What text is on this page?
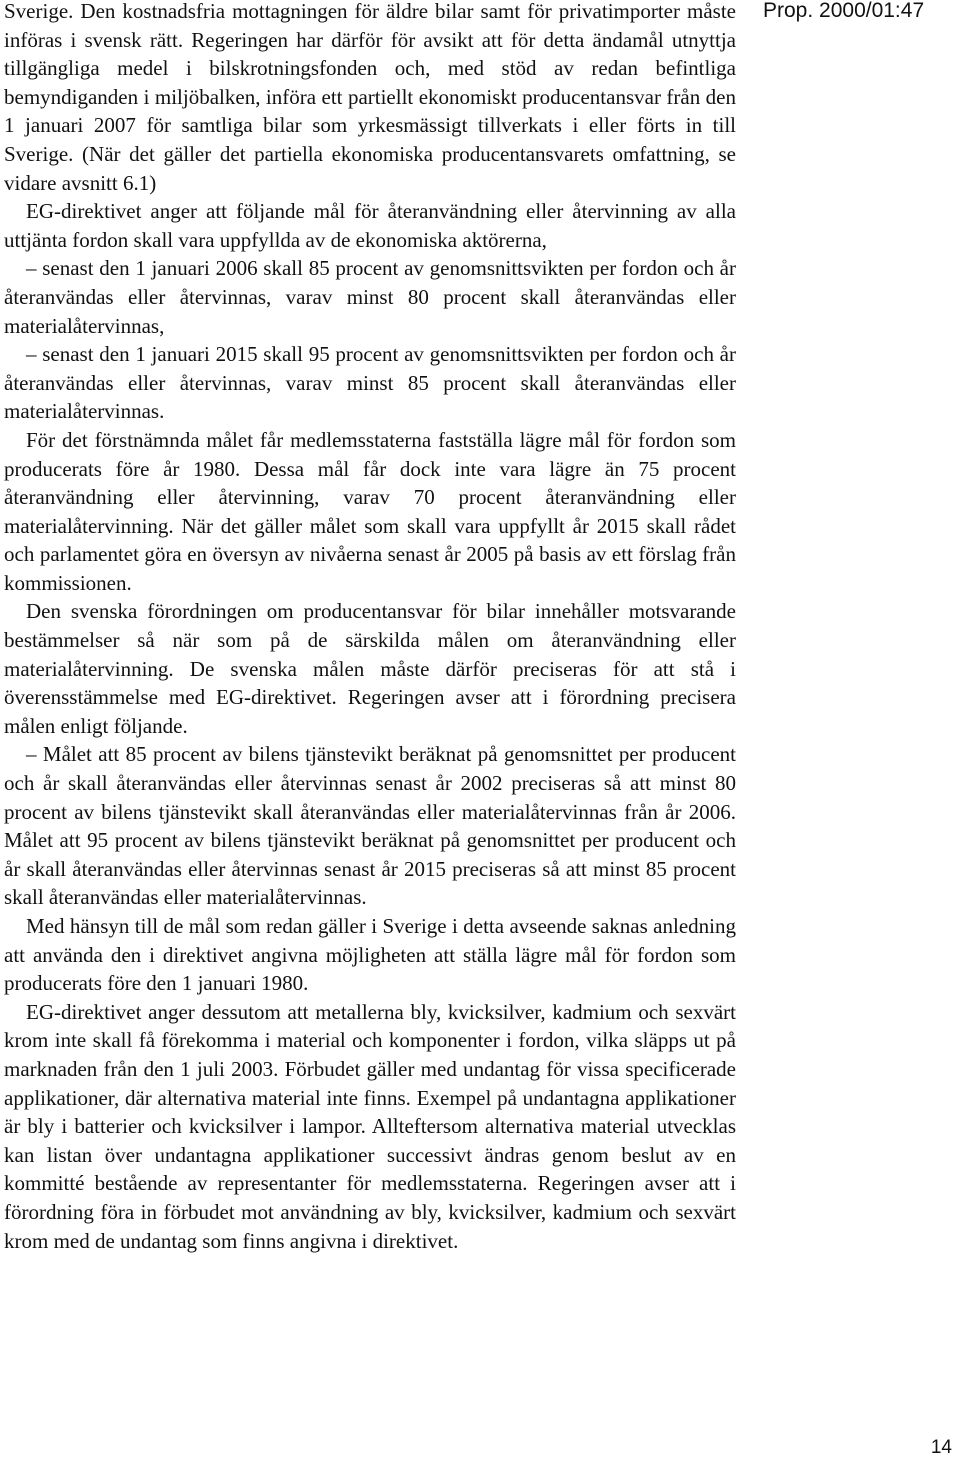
Sverige. Den kostnadsfria mottagningen för äldre bilar samt för privatimporter måste införas i svensk rätt. Regeringen har därför för avsikt att för detta ändamål utnyttja tillgängliga medel i bilskrotningsfonden och, med stöd av redan befintliga bemyndiganden i miljöbalken, införa ett partiellt ekonomiskt producentansvar från den 1 januari 2007 för samtliga bilar som yrkesmässigt tillverkats i eller förts in till Sverige. (När det gäller det partiella ekonomiska producentansvarets omfattning, se vidare avsnitt 6.1)

EG-direktivet anger att följande mål för återanvändning eller återvinning av alla uttjänta fordon skall vara uppfyllda av de ekonomiska aktörerna,

– senast den 1 januari 2006 skall 85 procent av genomsnittsvikten per fordon och år återanvändas eller återvinnas, varav minst 80 procent skall återanvändas eller materialåtervinnas,

– senast den 1 januari 2015 skall 95 procent av genomsnittsvikten per fordon och år återanvändas eller återvinnas, varav minst 85 procent skall återanvändas eller materialåtervinnas.

För det förstnämnda målet får medlemsstaterna fastställa lägre mål för fordon som producerats före år 1980. Dessa mål får dock inte vara lägre än 75 procent återanvändning eller återvinning, varav 70 procent återanvändning eller materialåtervinning. När det gäller målet som skall vara uppfyllt år 2015 skall rådet och parlamentet göra en översyn av nivåerna senast år 2005 på basis av ett förslag från kommissionen.

Den svenska förordningen om producentansvar för bilar innehåller motsvarande bestämmelser så när som på de särskilda målen om återanvändning eller materialåtervinning. De svenska målen måste därför preciseras för att stå i överensstämmelse med EG-direktivet. Regeringen avser att i förordning precisera målen enligt följande.

– Målet att 85 procent av bilens tjänstevikt beräknat på genomsnittet per producent och år skall återanvändas eller återvinnas senast år 2002 preciseras så att minst 80 procent av bilens tjänstevikt skall återanvändas eller materialåtervinnas från år 2006. Målet att 95 procent av bilens tjänstevikt beräknat på genomsnittet per producent och år skall återanvändas eller återvinnas senast år 2015 preciseras så att minst 85 procent skall återanvändas eller materialåtervinnas.

Med hänsyn till de mål som redan gäller i Sverige i detta avseende saknas anledning att använda den i direktivet angivna möjligheten att ställa lägre mål för fordon som producerats före den 1 januari 1980.

EG-direktivet anger dessutom att metallerna bly, kvicksilver, kadmium och sexvärt krom inte skall få förekomma i material och komponenter i fordon, vilka släpps ut på marknaden från den 1 juli 2003. Förbudet gäller med undantag för vissa specificerade applikationer, där alternativa material inte finns. Exempel på undantagna applikationer är bly i batterier och kvicksilver i lampor. Allteftersom alternativa material utvecklas kan listan över undantagna applikationer successivt ändras genom beslut av en kommitté bestående av representanter för medlemsstaterna. Regeringen avser att i förordning föra in förbudet mot användning av bly, kvicksilver, kadmium och sexvärt krom med de undantag som finns angivna i direktivet.

Prop. 2000/01:47
14
